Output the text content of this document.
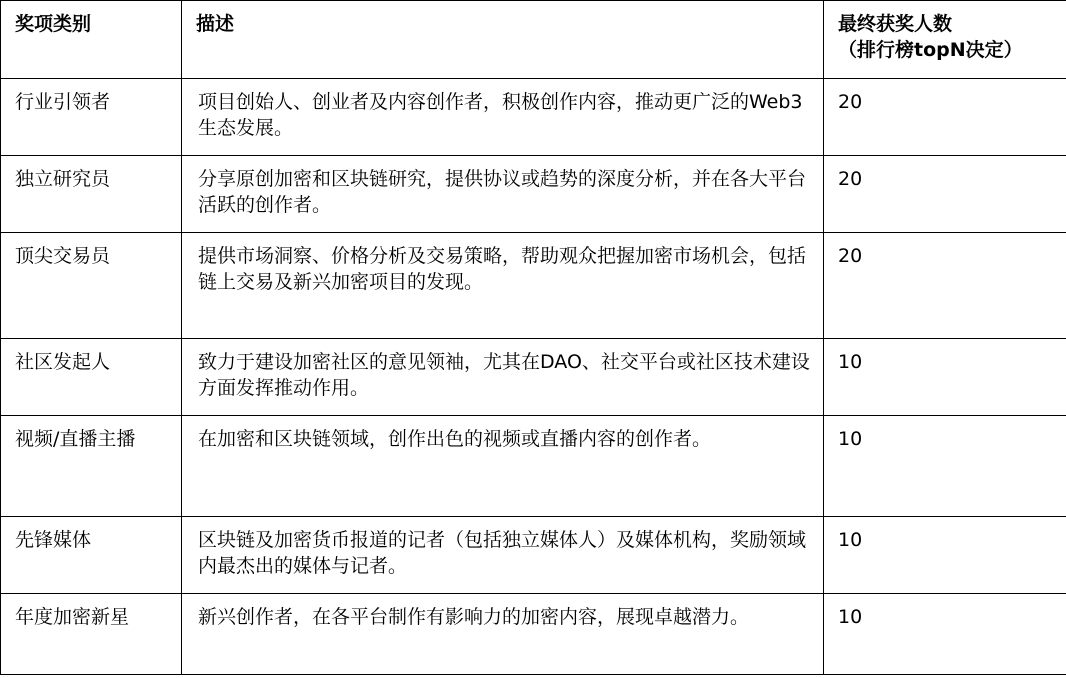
奖项类别	描述	最终获奖人数
（排行榜topN决定）

行业引领者	项目创始人、创业者及内容创作者，积极创作内容，推动更广泛的Web3生态发展。	20
独立研究员	分享原创加密和区块链研究，提供协议或趋势的深度分析，并在各大平台活跃的创作者。	20
顶尖交易员	提供市场洞察、价格分析及交易策略，帮助观众把握加密市场机会，包括链上交易及新兴加密项目的发现。	20
社区发起人	致力于建设加密社区的意见领袖，尤其在DAO、社交平台或社区技术建设方面发挥推动作用。	10
视频/直播主播	在加密和区块链领域，创作出色的视频或直播内容的创作者。	10
先锋媒体	区块链及加密货币报道的记者（包括独立媒体人）及媒体机构，奖励领域内最杰出的媒体与记者。	10
年度加密新星	新兴创作者，在各平台制作有影响力的加密内容，展现卓越潜力。	10
